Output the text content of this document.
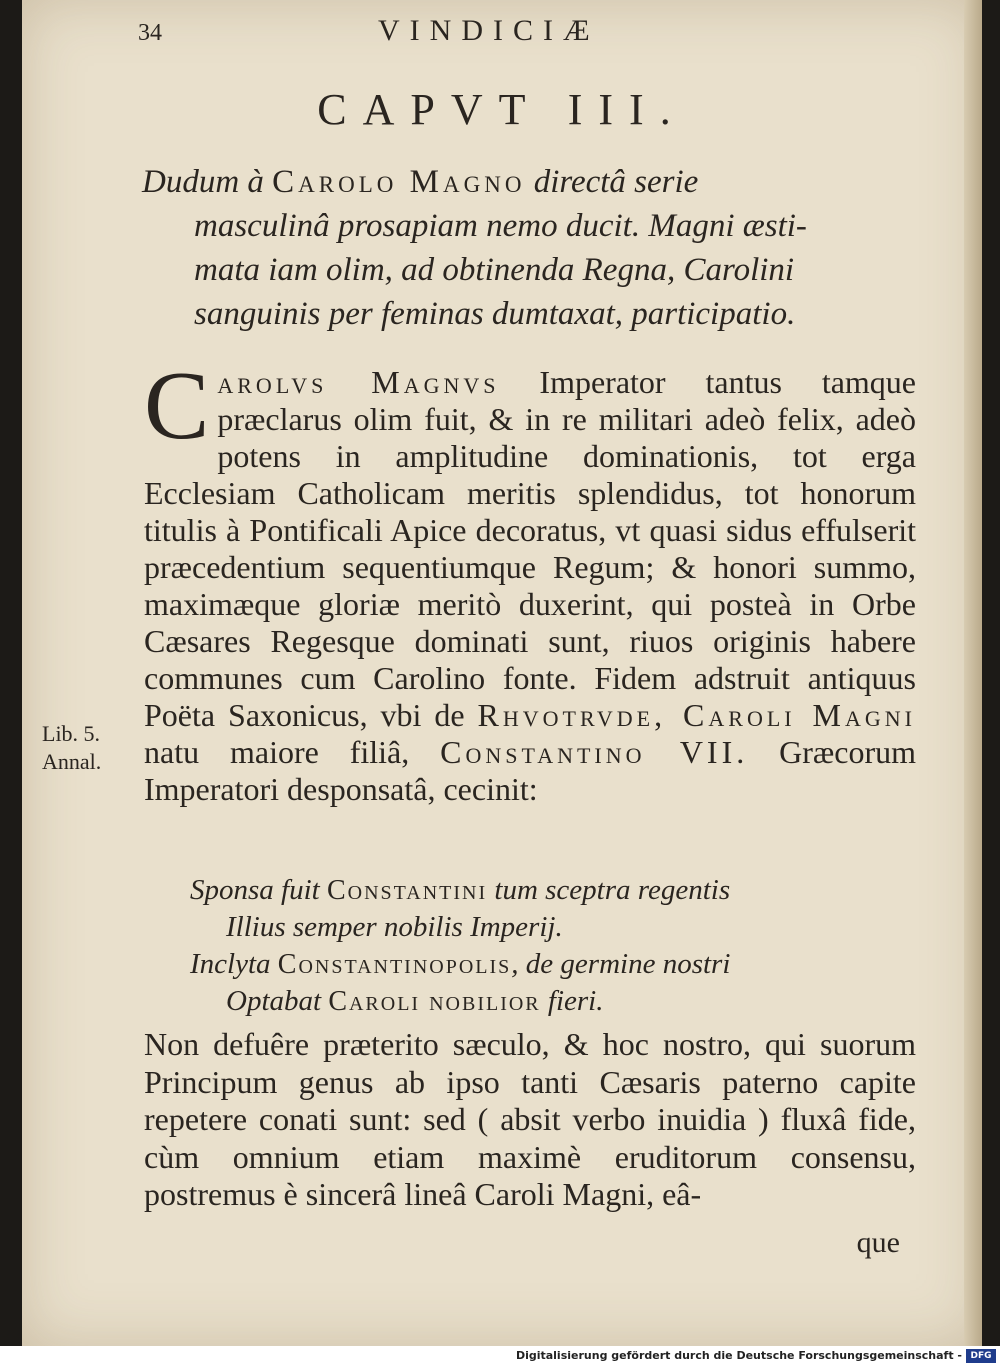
34	VINDICIÆ
CAPVT III.

Dudum à Carolo Magno directâ serie

masculinâ prosapiam nemo ducit. Magni æsti-

mata iam olim, ad obtinenda Regna, Carolini

sanguinis per feminas dumtaxat, participatio.

Lib. 5.
Annal.

Carolvs Magnvs Imperator tantus tamque præclarus olim fuit, & in re militari adeò felix, adeò potens in amplitudine dominationis, tot erga Ecclesiam Catholicam meritis splendidus, tot honorum titulis à Pontificali Apice decoratus, vt quasi sidus effulserit præcedentium sequentiumque Regum; & honori summo, maximæque gloriæ meritò duxerint, qui posteà in Orbe Cæsares Regesque dominati sunt, riuos originis habere communes cum Carolino fonte. Fidem adstruit antiquus Poëta Saxonicus, vbi de Rhvotrvde, Caroli Magni natu maiore filiâ, Constantino VII. Græcorum Imperatori desponsatâ, cecinit:

Sponsa fuit Constantini tum sceptra regentis

Illius semper nobilis Imperij.

Inclyta Constantinopolis, de germine nostri

Optabat Caroli nobilior fieri.

Non defuêre præterito sæculo, & hoc nostro, qui suorum Principum genus ab ipso tanti Cæsaris paterno capite repetere conati sunt: sed ( absit verbo inuidia ) fluxâ fide, cùm omnium etiam maximè eruditorum consensu, postremus è sincerâ lineâ Caroli Magni, eâ-

que
Digitalisierung gefördert durch die Deutsche Forschungsgemeinschaft - DFG
